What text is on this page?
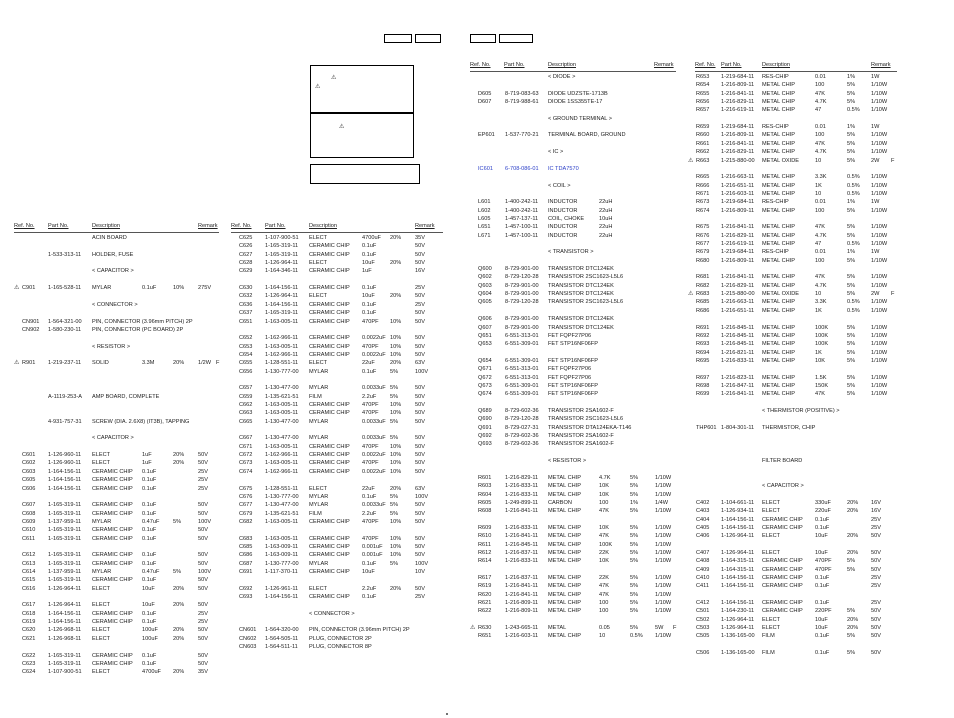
⚠
⚠
⚠
Ref. No. Part No.	Description	Remark
ACIN BOARD
1-533-313-11 HOLDER, FUSE
< CAPACITOR >
⚠ C901 1-165-528-11 MYLAR	0.1uF	10% 275V
< CONNECTOR >
CN901 1-564-321-00 PIN, CONNECTOR (3.96mm PITCH) 2P
CN902 1-580-230-11 PIN, CONNECTOR (PC BOARD) 2P
< RESISTOR >
⚠ R901 1-219-237-11 SOLID	3.3M	20% 1/2W F
A-1119-253-A AMP BOARD, COMPLETE
4-931-757-31 SCREW (DIA. 2.6X8) (IT3B), TAPPING
< CAPACITOR >
C601 1-126-960-11 ELECT	1uF	20% 50V
C602 1-126-960-11 ELECT	1uF	20% 50V
C603 1-164-156-11 CERAMIC CHIP 0.1uF	25V
C605 1-164-156-11 CERAMIC CHIP 0.1uF	25V
C606 1-164-156-11 CERAMIC CHIP 0.1uF	25V
C607 1-165-319-11 CERAMIC CHIP 0.1uF	50V
C608 1-165-319-11 CERAMIC CHIP 0.1uF	50V
C609 1-137-959-11 MYLAR	0.47uF 5%	100V
C610 1-165-319-11 CERAMIC CHIP 0.1uF	50V
C611 1-165-319-11 CERAMIC CHIP 0.1uF	50V
C612 1-165-319-11 CERAMIC CHIP 0.1uF	50V
C613 1-165-319-11 CERAMIC CHIP 0.1uF	50V
C614 1-137-959-11 MYLAR	0.47uF 5%	100V
C615 1-165-319-11 CERAMIC CHIP 0.1uF	50V
C616 1-126-964-11 ELECT	10uF	20% 50V
C617 1-126-964-11 ELECT	10uF	20% 50V
C618 1-164-156-11 CERAMIC CHIP 0.1uF	25V
C619 1-164-156-11 CERAMIC CHIP 0.1uF	25V
C620 1-126-968-11 ELECT	100uF	20% 50V
C621 1-126-968-11 ELECT	100uF	20% 50V
C622 1-165-319-11 CERAMIC CHIP 0.1uF	50V
C623 1-165-319-11 CERAMIC CHIP 0.1uF	50V
C624 1-107-900-51 ELECT	4700uF 20% 35V
Ref. No. Part No.	Description	Remark
C625 1-107-900-51 ELECT	4700uF 20% 35V
C626 1-165-319-11 CERAMIC CHIP 0.1uF	50V
C627 1-165-319-11 CERAMIC CHIP 0.1uF	50V
C628 1-126-964-11 ELECT	10uF	20% 50V
C629 1-164-346-11 CERAMIC CHIP 1uF	16V
C630 1-164-156-11 CERAMIC CHIP 0.1uF	25V
C632 1-126-964-11 ELECT	10uF	20% 50V
C636 1-164-156-11 CERAMIC CHIP 0.1uF	25V
C637 1-165-319-11 CERAMIC CHIP 0.1uF	50V
C651 1-163-005-11 CERAMIC CHIP 470PF 10% 50V
C652 1-162-966-11 CERAMIC CHIP 0.0022uF 10% 50V
C653 1-163-005-11 CERAMIC CHIP 470PF 10% 50V
C654 1-162-966-11 CERAMIC CHIP 0.0022uF 10% 50V
C655 1-128-551-11 ELECT	22uF	20% 63V
C656 1-130-777-00 MYLAR	0.1uF 5%	100V
C657 1-130-477-00 MYLAR	0.0033uF 5%	50V
C659 1-135-621-51 FILM	2.2uF 5%	50V
C662 1-163-005-11 CERAMIC CHIP 470PF 10% 50V
C663 1-163-005-11 CERAMIC CHIP 470PF 10% 50V
C665 1-130-477-00 MYLAR	0.0033uF 5%	50V
C667 1-130-477-00 MYLAR	0.0033uF 5%	50V
C671 1-163-005-11 CERAMIC CHIP 470PF 10% 50V
C672 1-162-966-11 CERAMIC CHIP 0.0022uF 10% 50V
C673 1-163-005-11 CERAMIC CHIP 470PF 10% 50V
C674 1-162-966-11 CERAMIC CHIP 0.0022uF 10% 50V
C675 1-128-551-11 ELECT	22uF	20% 63V
C676 1-130-777-00 MYLAR	0.1uF 5%	100V
C677 1-130-477-00 MYLAR	0.0033uF 5%	50V
C679 1-135-621-51 FILM	2.2uF 5%	50V
C682 1-163-005-11 CERAMIC CHIP 470PF 10% 50V
C683 1-163-005-11 CERAMIC CHIP 470PF 10% 50V
C685 1-163-009-11 CERAMIC CHIP 0.001uF 10% 50V
C686 1-163-009-11 CERAMIC CHIP 0.001uF 10% 50V
C687 1-130-777-00 MYLAR	0.1uF 5%	100V
C691 1-117-370-11 CERAMIC CHIP 10uF	10V
C692 1-126-961-11 ELECT	2.2uF 20% 50V
C693 1-164-156-11 CERAMIC CHIP 0.1uF	25V
< CONNECTOR >
CN601 1-564-320-00 PIN, CONNECTOR (3.96mm PITCH) 2P
CN602 1-564-505-11 PLUG, CONNECTOR 2P
CN603 1-564-511-11 PLUG, CONNECTOR 8P
Ref. No. Part No.	Description	Remark
< DIODE >
D605 8-719-083-63 DIODE UDZSTE-1713B
D607 8-719-988-61 DIODE 1SS355TE-17
< GROUND TERMINAL >
EP601 1-537-770-21 TERMINAL BOARD, GROUND
< IC >
IC601 6-708-086-01 IC TDA7570
< COIL >
L601	1-400-242-11 INDUCTOR	22uH
L602	1-400-242-11 INDUCTOR	22uH
L605	1-457-137-11 COIL, CHOKE	10uH
L651	1-457-100-11 INDUCTOR	22uH
L671	1-457-100-11 INDUCTOR	22uH
< TRANSISTOR >
Q600 8-729-901-00 TRANSISTOR DTC124EK
Q602 8-729-120-28 TRANSISTOR 2SC1623-L5L6
Q603 8-729-901-00 TRANSISTOR DTC124EK
Q604 8-729-901-00 TRANSISTOR DTC124EK
Q605 8-729-120-28 TRANSISTOR 2SC1623-L5L6
Q606 8-729-901-00 TRANSISTOR DTC124EK
Q607 8-729-901-00 TRANSISTOR DTC124EK
Q651 6-551-313-01 FET FQPF27P06
Q653 6-551-309-01 FET STP16NF06FP
Q654 6-551-309-01 FET STP16NF06FP
Q671 6-551-313-01 FET FQPF27P06
Q672 6-551-313-01 FET FQPF27P06
Q673 6-551-309-01 FET STP16NF06FP
Q674 6-551-309-01 FET STP16NF06FP
Q689 8-729-602-36 TRANSISTOR 2SA1602-F
Q690 8-729-120-28 TRANSISTOR 2SC1623-L5L6
Q691 8-729-027-31 TRANSISTOR DTA124EKA-T146
Q692 8-729-602-36 TRANSISTOR 2SA1602-F
Q693 8-729-602-36 TRANSISTOR 2SA1602-F
< RESISTOR >
R601 1-216-829-11 METAL CHIP	4.7K	5%	1/10W
R603 1-216-833-11 METAL CHIP	10K	5%	1/10W
R604 1-216-833-11 METAL CHIP	10K	5%	1/10W
R605 1-249-899-11 CARBON	100	1%	1/4W
R608 1-216-841-11 METAL CHIP	47K	5%	1/10W
R609 1-216-833-11 METAL CHIP	10K	5%	1/10W
R610 1-216-841-11 METAL CHIP	47K	5%	1/10W
R611	1-216-845-11 METAL CHIP	100K	5%	1/10W
R612 1-216-837-11 METAL CHIP	22K	5%	1/10W
R614 1-216-833-11 METAL CHIP	10K	5%	1/10W
R617 1-216-837-11 METAL CHIP	22K	5%	1/10W
R619 1-216-841-11 METAL CHIP	47K	5%	1/10W
R620 1-216-841-11 METAL CHIP	47K	5%	1/10W
R621 1-216-809-11 METAL CHIP	100	5%	1/10W
R622 1-216-809-11 METAL CHIP	100	5%	1/10W
⚠ R630 1-243-665-11 METAL	0.05	5%	5W F
R651 1-216-603-11 METAL CHIP	10	0.5% 1/10W
Ref. No. Part No.	Description	Remark
R653 1-219-684-11 RES-CHIP	0.01	1%	1W
R654 1-216-809-11 METAL CHIP	100	5%	1/10W
R655 1-216-841-11 METAL CHIP	47K	5%	1/10W
R656 1-216-829-11 METAL CHIP	4.7K	5%	1/10W
R657 1-216-619-11 METAL CHIP	47	0.5% 1/10W
R659 1-219-684-11 RES-CHIP	0.01	1%	1W
R660 1-216-809-11 METAL CHIP	100	5%	1/10W
R661 1-216-841-11 METAL CHIP	47K	5%	1/10W
R662 1-216-829-11 METAL CHIP	4.7K	5%	1/10W
⚠ R663 1-215-880-00 METAL OXIDE	10	5%	2W F
R665 1-216-663-11 METAL CHIP	3.3K	0.5% 1/10W
R666 1-216-651-11 METAL CHIP	1K	0.5% 1/10W
R671 1-216-603-11 METAL CHIP	10	0.5% 1/10W
R673 1-219-684-11 RES-CHIP	0.01	1%	1W
R674 1-216-809-11 METAL CHIP	100	5%	1/10W
R675 1-216-841-11 METAL CHIP	47K	5%	1/10W
R676 1-216-829-11 METAL CHIP	4.7K	5%	1/10W
R677 1-216-619-11 METAL CHIP	47	0.5% 1/10W
R679 1-219-684-11 RES-CHIP	0.01	1%	1W
R680 1-216-809-11 METAL CHIP	100	5%	1/10W
R681 1-216-841-11 METAL CHIP	47K	5%	1/10W
R682 1-216-829-11 METAL CHIP	4.7K	5%	1/10W
⚠ R683 1-215-880-00 METAL OXIDE	10	5%	2W F
R685 1-216-663-11 METAL CHIP	3.3K	0.5% 1/10W
R686 1-216-651-11 METAL CHIP	1K	0.5% 1/10W
R691 1-216-845-11 METAL CHIP	100K	5%	1/10W
R692 1-216-845-11 METAL CHIP	100K	5%	1/10W
R693 1-216-845-11 METAL CHIP	100K	5%	1/10W
R694 1-216-821-11 METAL CHIP	1K	5%	1/10W
R695 1-216-833-11 METAL CHIP	10K	5%	1/10W
R697 1-216-823-11 METAL CHIP	1.5K	5%	1/10W
R698 1-216-847-11 METAL CHIP	150K	5%	1/10W
R699 1-216-841-11 METAL CHIP	47K	5%	1/10W
< THERMISTOR (POSITIVE) >
THP601 1-804-301-11 THERMISTOR, CHIP
FILTER BOARD
< CAPACITOR >
C402 1-104-661-11 ELECT	330uF	20% 16V
C403 1-126-934-11 ELECT	220uF	20% 16V
C404 1-164-156-11 CERAMIC CHIP 0.1uF	25V
C405 1-164-156-11 CERAMIC CHIP 0.1uF	25V
C406 1-126-964-11 ELECT	10uF	20% 50V
C407 1-126-964-11 ELECT	10uF	20% 50V
C408 1-164-315-11 CERAMIC CHIP 470PF	5%	50V
C409 1-164-315-11 CERAMIC CHIP 470PF	5%	50V
C410 1-164-156-11 CERAMIC CHIP 0.1uF	25V
C411 1-164-156-11 CERAMIC CHIP 0.1uF	25V
C412 1-164-156-11 CERAMIC CHIP 0.1uF	25V
C501 1-164-230-11 CERAMIC CHIP 220PF	5%	50V
C502 1-126-964-11 ELECT	10uF	20% 50V
C503 1-126-964-11 ELECT	10uF	20% 50V
C505 1-136-165-00 FILM	0.1uF	5%	50V
C506 1-136-165-00 FILM	0.1uF	5%	50V
